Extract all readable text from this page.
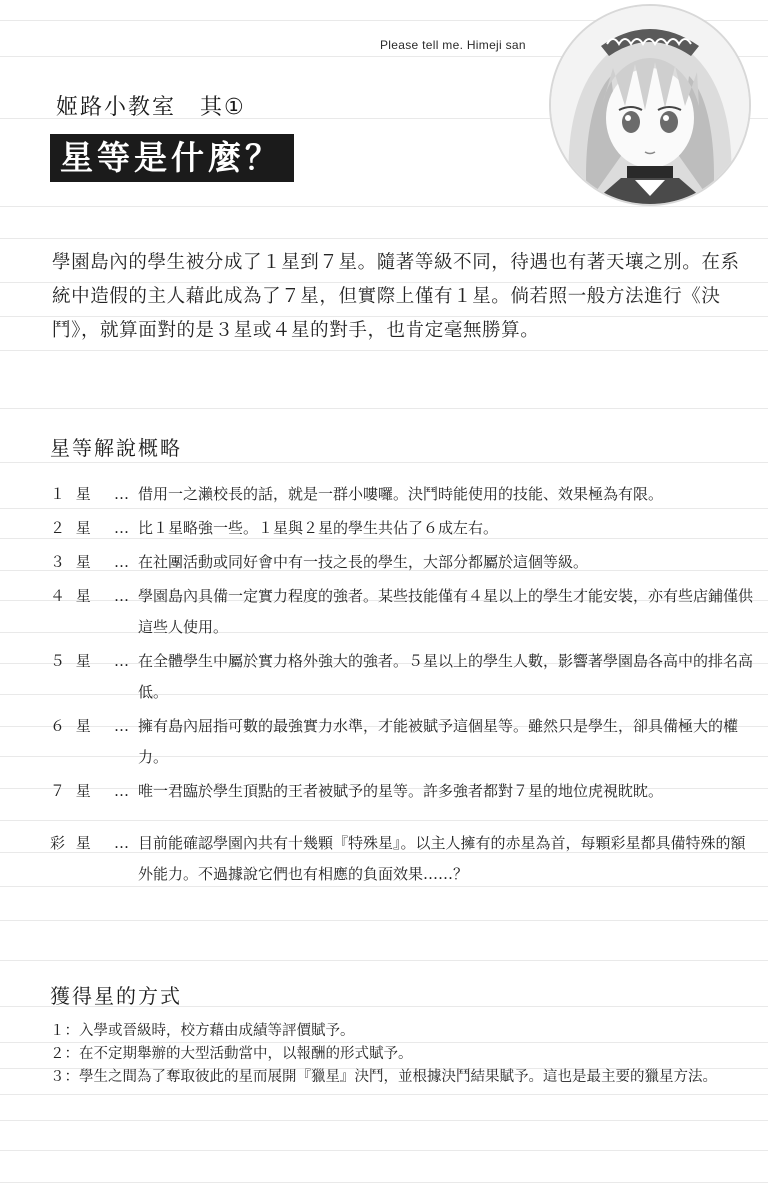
Please tell me. Himeji san
姬路小教室　其①
星等是什麼？

學園島內的學生被分成了１星到７星。隨著等級不同，待遇也有著天壤之別。在系統中造假的主人藉此成為了７星，但實際上僅有１星。倘若照一般方法進行《決鬥》，就算面對的是３星或４星的對手，也肯定毫無勝算。

星等解說概略
１ 星	… 借用一之瀨校長的話，就是一群小嘍囉。決鬥時能使用的技能、效果極為有限。
２ 星	… 比１星略強一些。１星與２星的學生共佔了６成左右。
３ 星	… 在社團活動或同好會中有一技之長的學生，大部分都屬於這個等級。
４ 星	… 學園島內具備一定實力程度的強者。某些技能僅有４星以上的學生才能安裝，亦有些店鋪僅供這些人使用。
５ 星	… 在全體學生中屬於實力格外強大的強者。５星以上的學生人數，影響著學園島各高中的排名高低。
６ 星	… 擁有島內屈指可數的最強實力水準，才能被賦予這個星等。雖然只是學生，卻具備極大的權力。
７ 星	… 唯一君臨於學生頂點的王者被賦予的星等。許多強者都對７星的地位虎視眈眈。
彩 星	… 目前能確認學園內共有十幾顆『特殊星』。以主人擁有的赤星為首，每顆彩星都具備特殊的額外能力。不過據說它們也有相應的負面效果……？
獲得星的方式
１：入學或晉級時，校方藉由成績等評價賦予。
２：在不定期舉辦的大型活動當中，以報酬的形式賦予。
３：學生之間為了奪取彼此的星而展開『獵星』決鬥，並根據決鬥結果賦予。這也是最主要的獵星方法。
